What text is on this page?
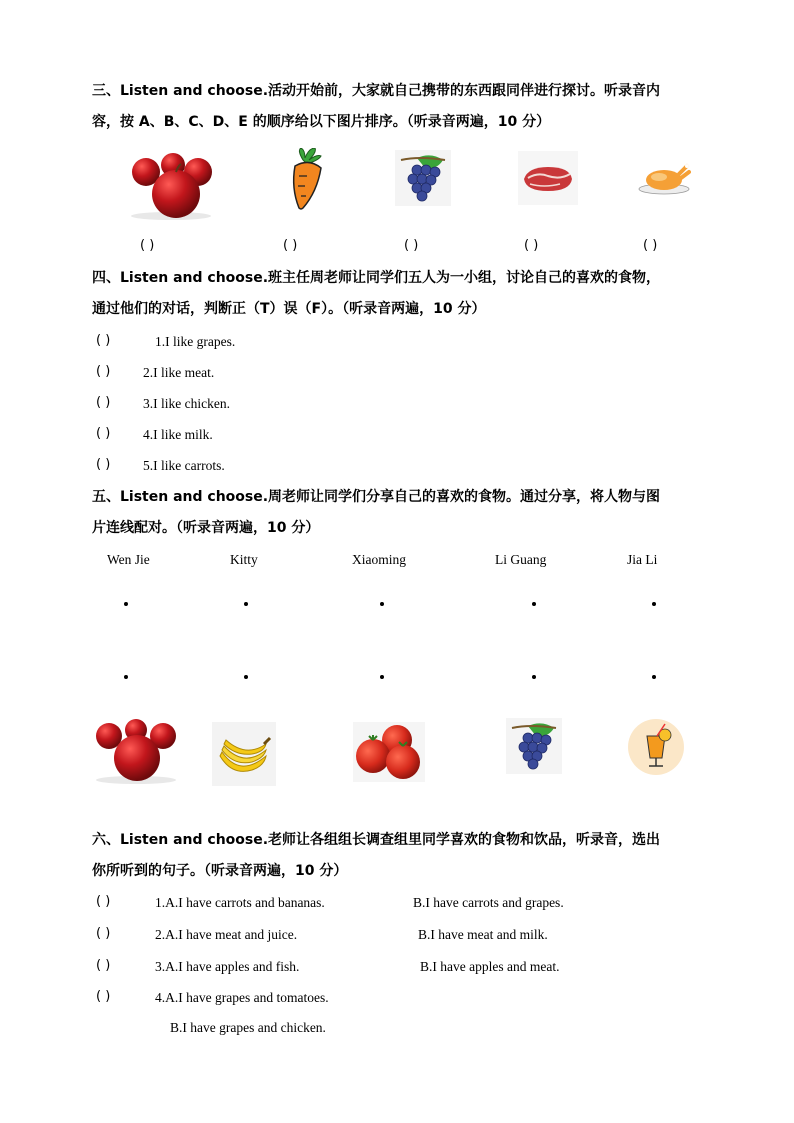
三、Listen and choose.活动开始前，大家就自己携带的东西跟同伴进行探讨。听录音内
容，按 A、B、C、D、E 的顺序给以下图片排序。（听录音两遍，10 分）
( )	( )	( )	( )	( )
四、Listen and choose.班主任周老师让同学们五人为一小组，讨论自己的喜欢的食物，
通过他们的对话，判断正（T）误（F）。（听录音两遍，10 分）
( )	1.I like grapes.
( ) 2.I like meat.
( ) 3.I like chicken.
( ) 4.I like milk.
( ) 5.I like carrots.
五、Listen and choose.周老师让同学们分享自己的喜欢的食物。通过分享，将人物与图
片连线配对。（听录音两遍，10 分）
Wen Jie	Kitty	Xiaoming	Li Guang	Jia Li
六、Listen and choose.老师让各组组长调查组里同学喜欢的食物和饮品，听录音，选出
你所听到的句子。（听录音两遍，10 分）
( )	1.A.I have carrots and bananas.	B.I have carrots and grapes.
( )	2.A.I have meat and juice.	B.I have meat and milk.
( )	3.A.I have apples and fish.	B.I have apples and meat.
( )	4.A.I have grapes and tomatoes.
B.I have grapes and chicken.
